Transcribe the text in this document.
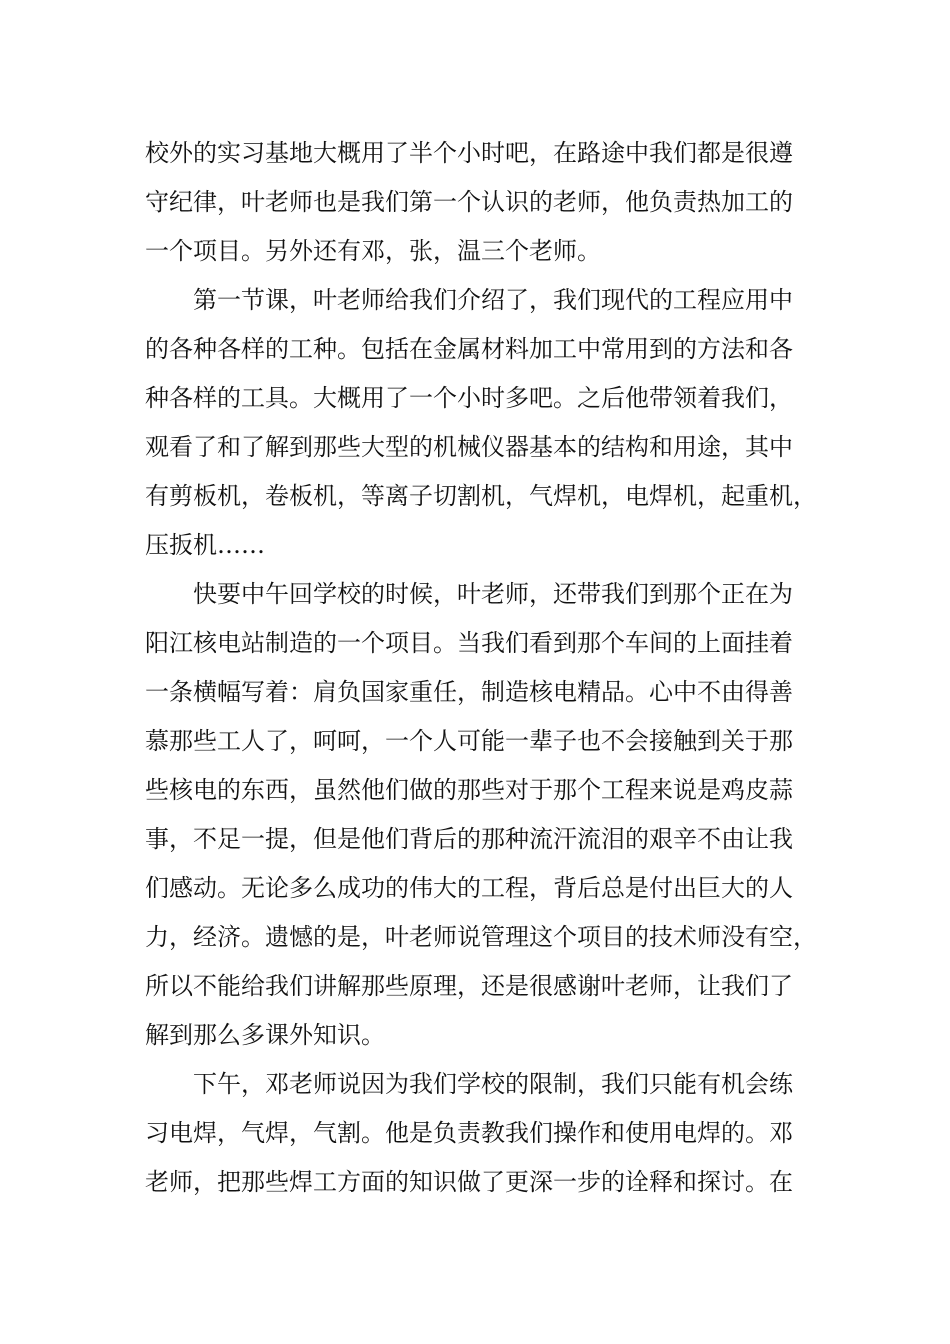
校外的实习基地大概用了半个小时吧，在路途中我们都是很遵
守纪律，叶老师也是我们第一个认识的老师，他负责热加工的
一个项目。另外还有邓，张，温三个老师。
第一节课，叶老师给我们介绍了，我们现代的工程应用中
的各种各样的工种。包括在金属材料加工中常用到的方法和各
种各样的工具。大概用了一个小时多吧。之后他带领着我们，
观看了和了解到那些大型的机械仪器基本的结构和用途，其中
有剪板机，卷板机，等离子切割机，气焊机，电焊机，起重机，
压扳机……
快要中午回学校的时候，叶老师，还带我们到那个正在为
阳江核电站制造的一个项目。当我们看到那个车间的上面挂着
一条横幅写着：肩负国家重任，制造核电精品。心中不由得善
慕那些工人了，呵呵，一个人可能一辈子也不会接触到关于那
些核电的东西，虽然他们做的那些对于那个工程来说是鸡皮蒜
事，不足一提，但是他们背后的那种流汗流泪的艰辛不由让我
们感动。无论多么成功的伟大的工程，背后总是付出巨大的人
力，经济。遗憾的是，叶老师说管理这个项目的技术师没有空，
所以不能给我们讲解那些原理，还是很感谢叶老师，让我们了
解到那么多课外知识。
下午，邓老师说因为我们学校的限制，我们只能有机会练
习电焊，气焊，气割。他是负责教我们操作和使用电焊的。邓
老师，把那些焊工方面的知识做了更深一步的诠释和探讨。在
